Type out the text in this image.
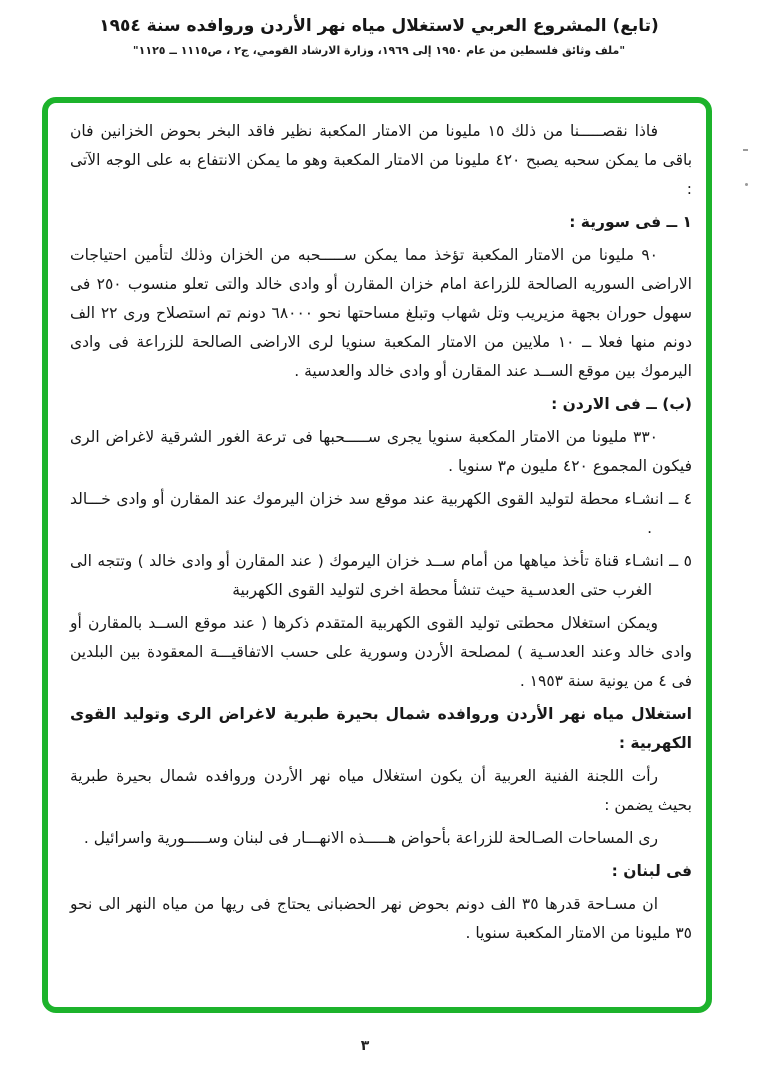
(تابع) المشروع العربي لاستغلال مياه نهر الأردن وروافده سنة ١٩٥٤
"ملف وثائق فلسطين من عام ١٩٥٠ إلى ١٩٦٩، وزارة الارشاد القومي، ج٢ ، ص١١١٥ ــ ١١٢٥"

فاذا نقصـــــنا من ذلك ١٥ مليونا من الامتار المكعبة نظير فاقد البخر بحوض الخزانين فان باقى ما يمكن سحبه يصبح ٤٢٠ مليونا من الامتار المكعبة وهو ما يمكن الانتفاع به على الوجه الآتى :

١ ــ فى سورية :

٩٠ مليونا من الامتار المكعبة تؤخذ مما يمكن ســـــحبه من الخزان وذلك لتأمين احتياجات الاراضى السوريه الصالحة للزراعة امام خزان المقارن أو وادى خالد والتى تعلو منسوب ٢٥٠ فى سهول حوران بجهة مزيريب وتل شهاب وتبلغ مساحتها نحو ٦٨٠٠٠ دونم تم استصلاح ورى ٢٢ الف دونم منها فعلا ــ ١٠ ملايين من الامتار المكعبة سنويا لرى الاراضى الصالحة للزراعة فى وادى اليرموك بين موقع الســد عند المقارن أو وادى خالد والعدسية .

(ب) ــ فى الاردن :

٣٣٠ مليونا من الامتار المكعبة سنويا يجرى ســـــحبها فى ترعة الغور الشرقية لاغراض الرى فيكون المجموع ٤٢٠ مليون م٣ سنويا .

٤ ــ انشـاء محطة لتوليد القوى الكهربية عند موقع سد خزان اليرموك عند المقارن أو وادى خـــالد .

٥ ــ انشـاء قناة تأخذ مياهها من أمام ســد خزان اليرموك ( عند المقارن أو وادى خالد ) وتتجه الى الغرب حتى العدسـية حيث تنشأ محطة اخرى لتوليد القوى الكهربية

ويمكن استغلال محطتى توليد القوى الكهربية المتقدم ذكرها ( عند موقع الســد بالمقارن أو وادى خالد وعند العدسـية ) لمصلحة الأردن وسورية على حسب الاتفاقيـــة المعقودة بين البلدين فى ٤ من يونية سنة ١٩٥٣ .

استغلال مياه نهر الأردن وروافده شمال بحيرة طبرية لاغراض الرى وتوليد القوى الكهربية :

رأت اللجنة الفنية العربية أن يكون استغلال مياه نهر الأردن وروافده شمال بحيرة طبرية بحيث يضمن :

رى المساحات الصـالحة للزراعة بأحواض هـــــذه الانهـــار فى لبنان وســـــورية واسرائيل .

فى لبنان :

ان مسـاحة قدرها ٣٥ الف دونم بحوض نهر الحضبانى يحتاج فى ريها من مياه النهر الى نحو ٣٥ مليونا من الامتار المكعبة سنويا .

٣
